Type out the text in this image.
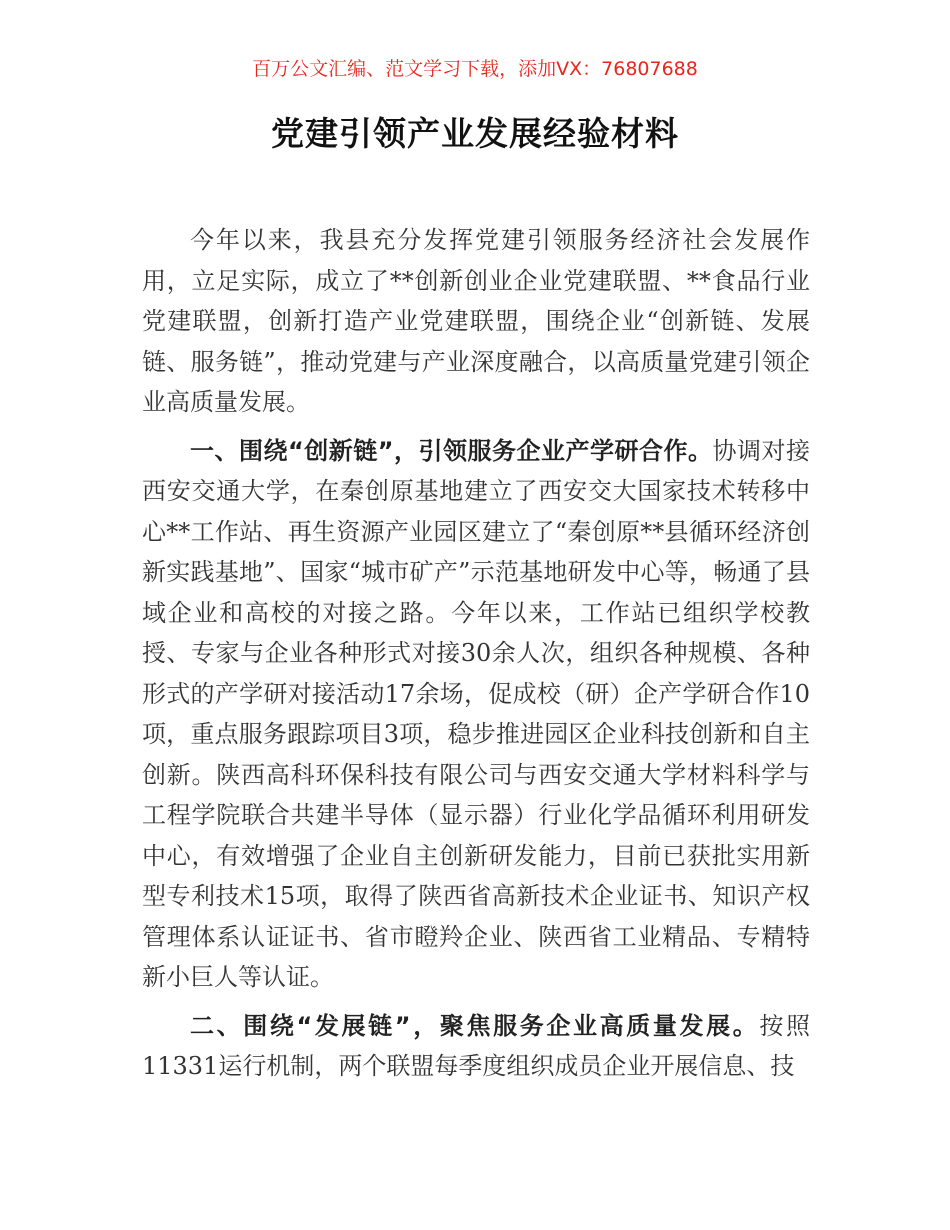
百万公文汇编、范文学习下载，添加VX：76807688
党建引领产业发展经验材料

今年以来，我县充分发挥党建引领服务经济社会发展作用，立足实际，成立了**创新创业企业党建联盟、**食品行业党建联盟，创新打造产业党建联盟，围绕企业“创新链、发展链、服务链”，推动党建与产业深度融合，以高质量党建引领企业高质量发展。

一、围绕“创新链”，引领服务企业产学研合作。协调对接西安交通大学，在秦创原基地建立了西安交大国家技术转移中心**工作站、再生资源产业园区建立了“秦创原**县循环经济创新实践基地”、国家“城市矿产”示范基地研发中心等，畅通了县域企业和高校的对接之路。今年以来，工作站已组织学校教授、专家与企业各种形式对接30余人次，组织各种规模、各种形式的产学研对接活动17余场，促成校（研）企产学研合作10项，重点服务跟踪项目3项，稳步推进园区企业科技创新和自主创新。陕西高科环保科技有限公司与西安交通大学材料科学与工程学院联合共建半导体（显示器）行业化学品循环利用研发中心，有效增强了企业自主创新研发能力，目前已获批实用新型专利技术15项，取得了陕西省高新技术企业证书、知识产权管理体系认证证书、省市瞪羚企业、陕西省工业精品、专精特新小巨人等认证。

二、围绕“发展链”，聚焦服务企业高质量发展。按照11331运行机制，两个联盟每季度组织成员企业开展信息、技
